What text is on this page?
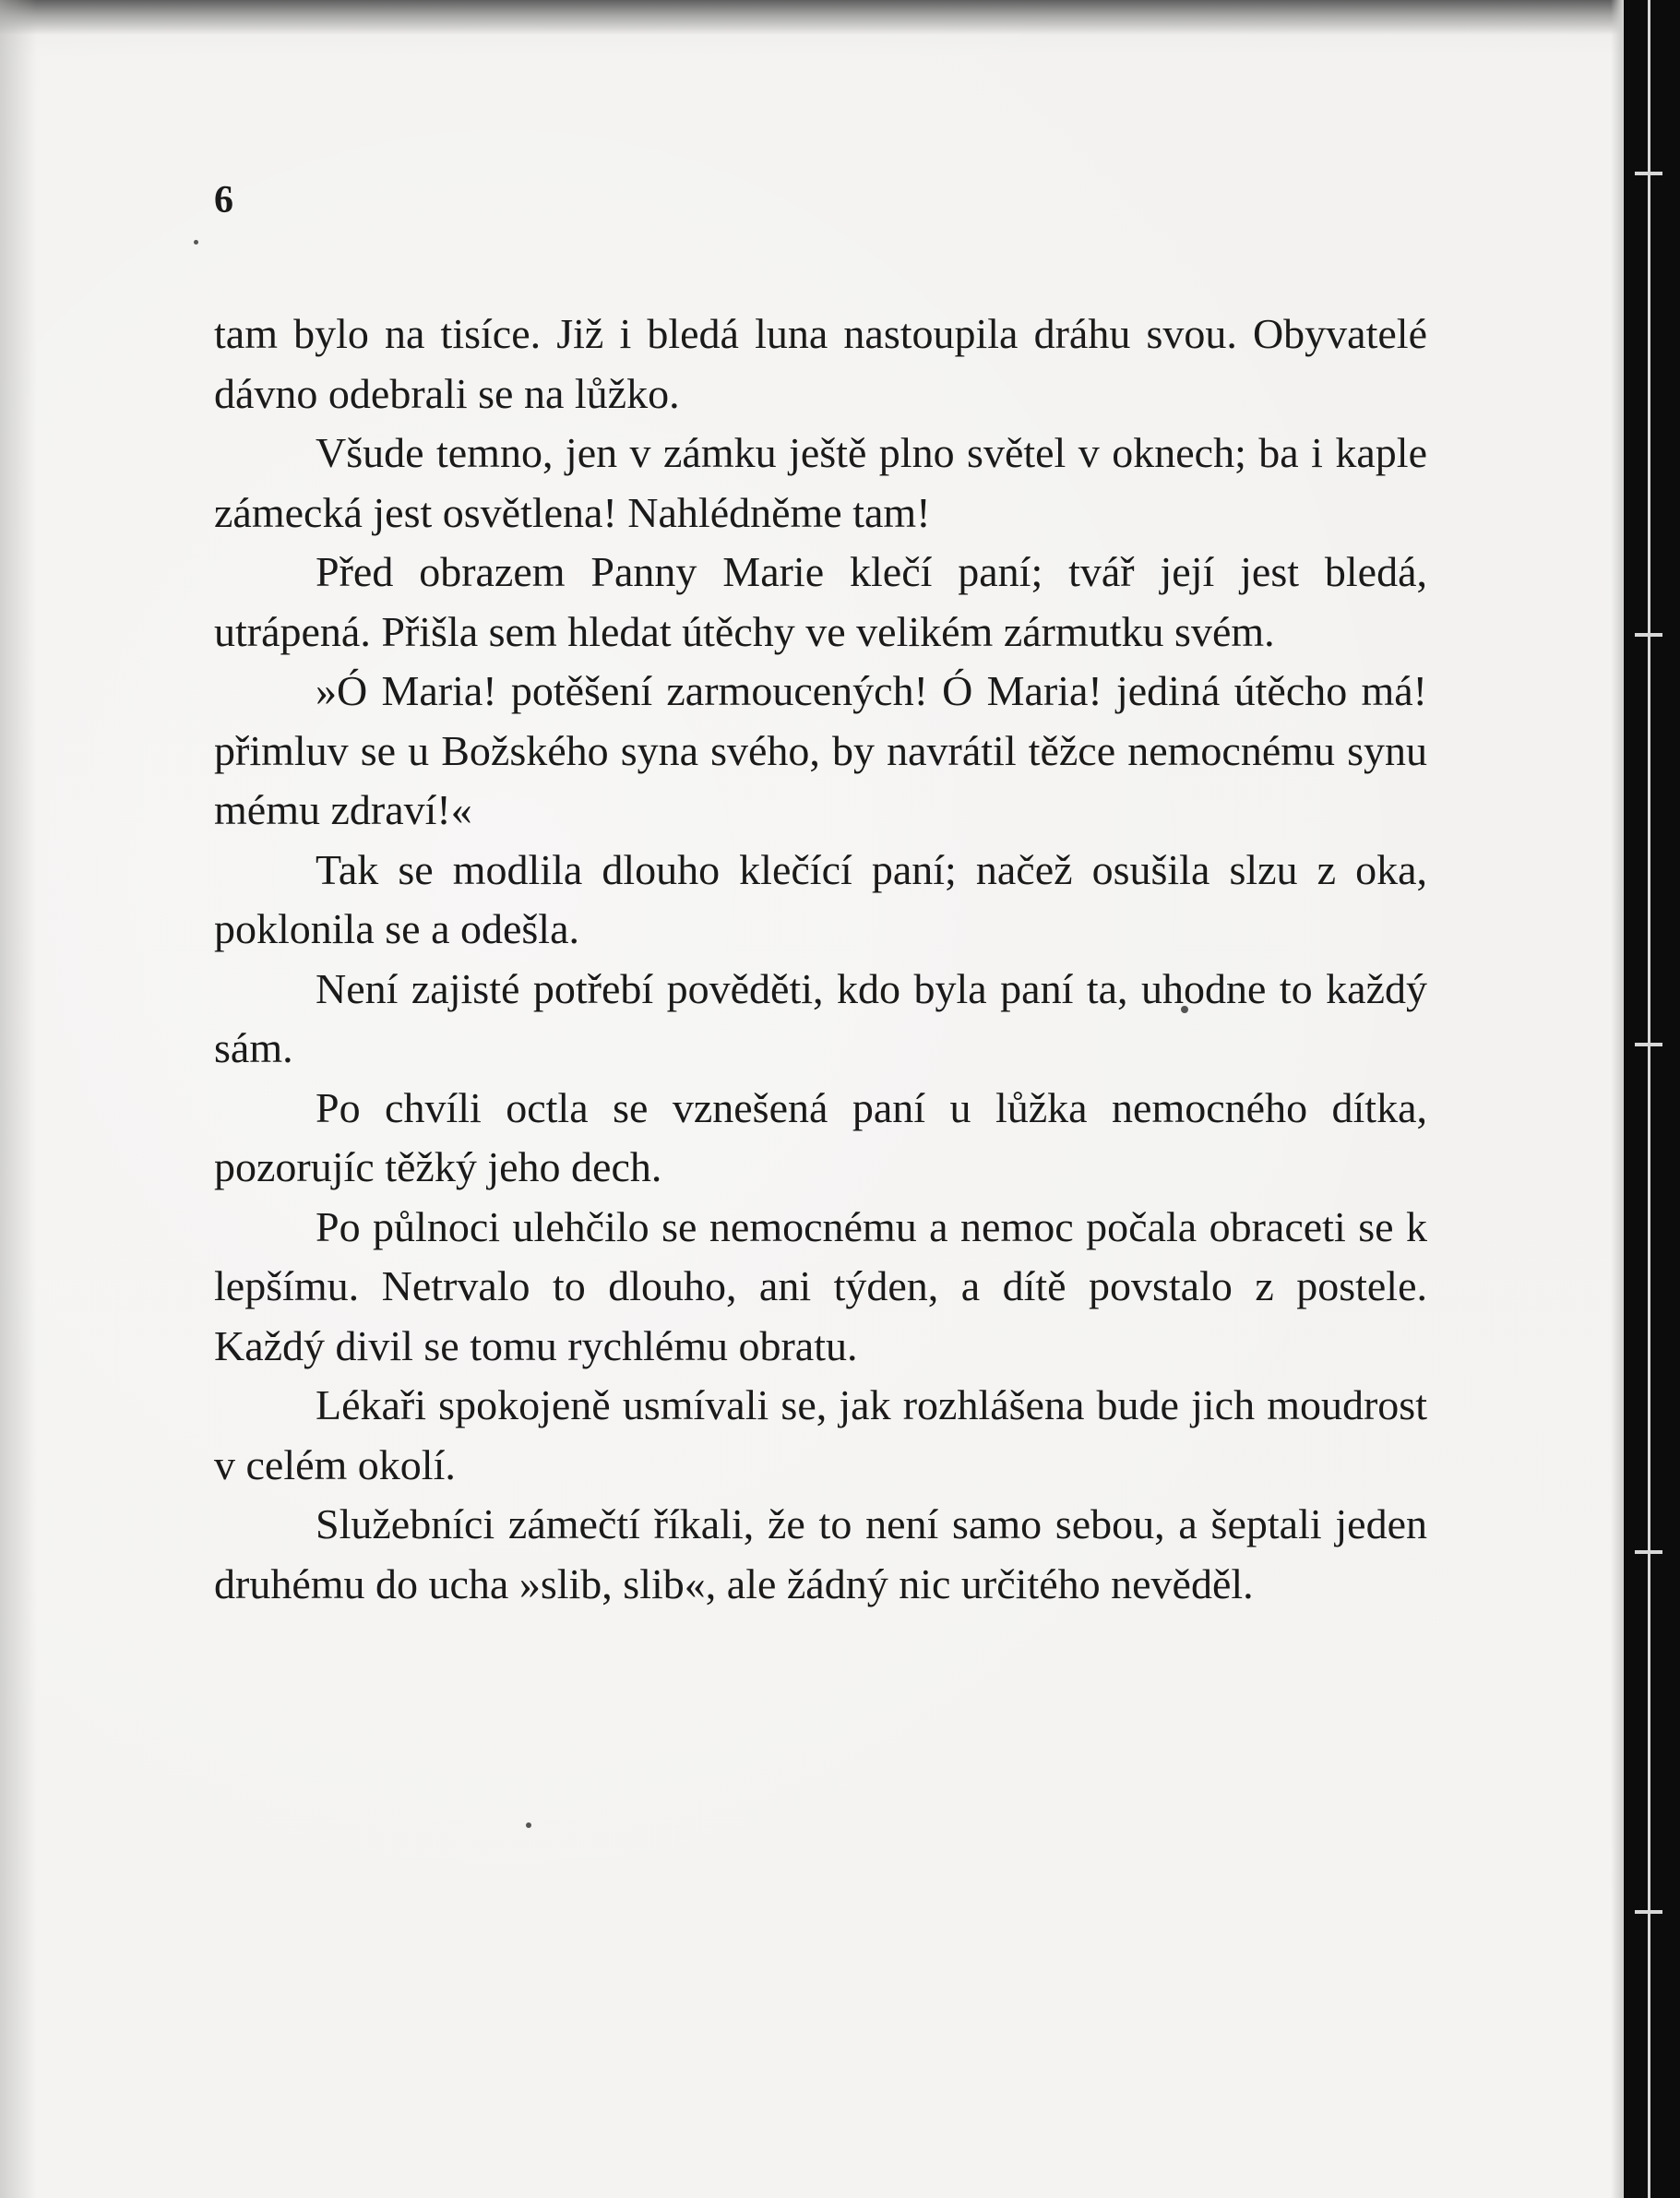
6

tam bylo na tisíce. Již i bledá luna nastoupila dráhu svou. Obyvatelé dávno odebrali se na lůžko.

Všude temno, jen v zámku ještě plno světel v oknech; ba i kaple zámecká jest osvětlena! Nahlédněme tam!

Před obrazem Panny Marie klečí paní; tvář její jest bledá, utrápená. Přišla sem hledat útěchy ve velikém zármutku svém.

»Ó Maria! potěšení zarmoucených! Ó Maria! jediná útěcho má! přimluv se u Božského syna svého, by navrátil těžce nemocnému synu mému zdraví!«

Tak se modlila dlouho klečící paní; načež osušila slzu z oka, poklonila se a odešla.

Není zajisté potřebí pověděti, kdo byla paní ta, uhodne to každý sám.

Po chvíli octla se vznešená paní u lůžka nemocného dítka, pozorujíc těžký jeho dech.

Po půlnoci ulehčilo se nemocnému a nemoc počala obraceti se k lepšímu. Netrvalo to dlouho, ani týden, a dítě povstalo z postele. Každý divil se tomu rychlému obratu.

Lékaři spokojeně usmívali se, jak rozhlášena bude jich moudrost v celém okolí.

Služebníci zámečtí říkali, že to není samo sebou, a šeptali jeden druhému do ucha »slib, slib«, ale žádný nic určitého nevěděl.
